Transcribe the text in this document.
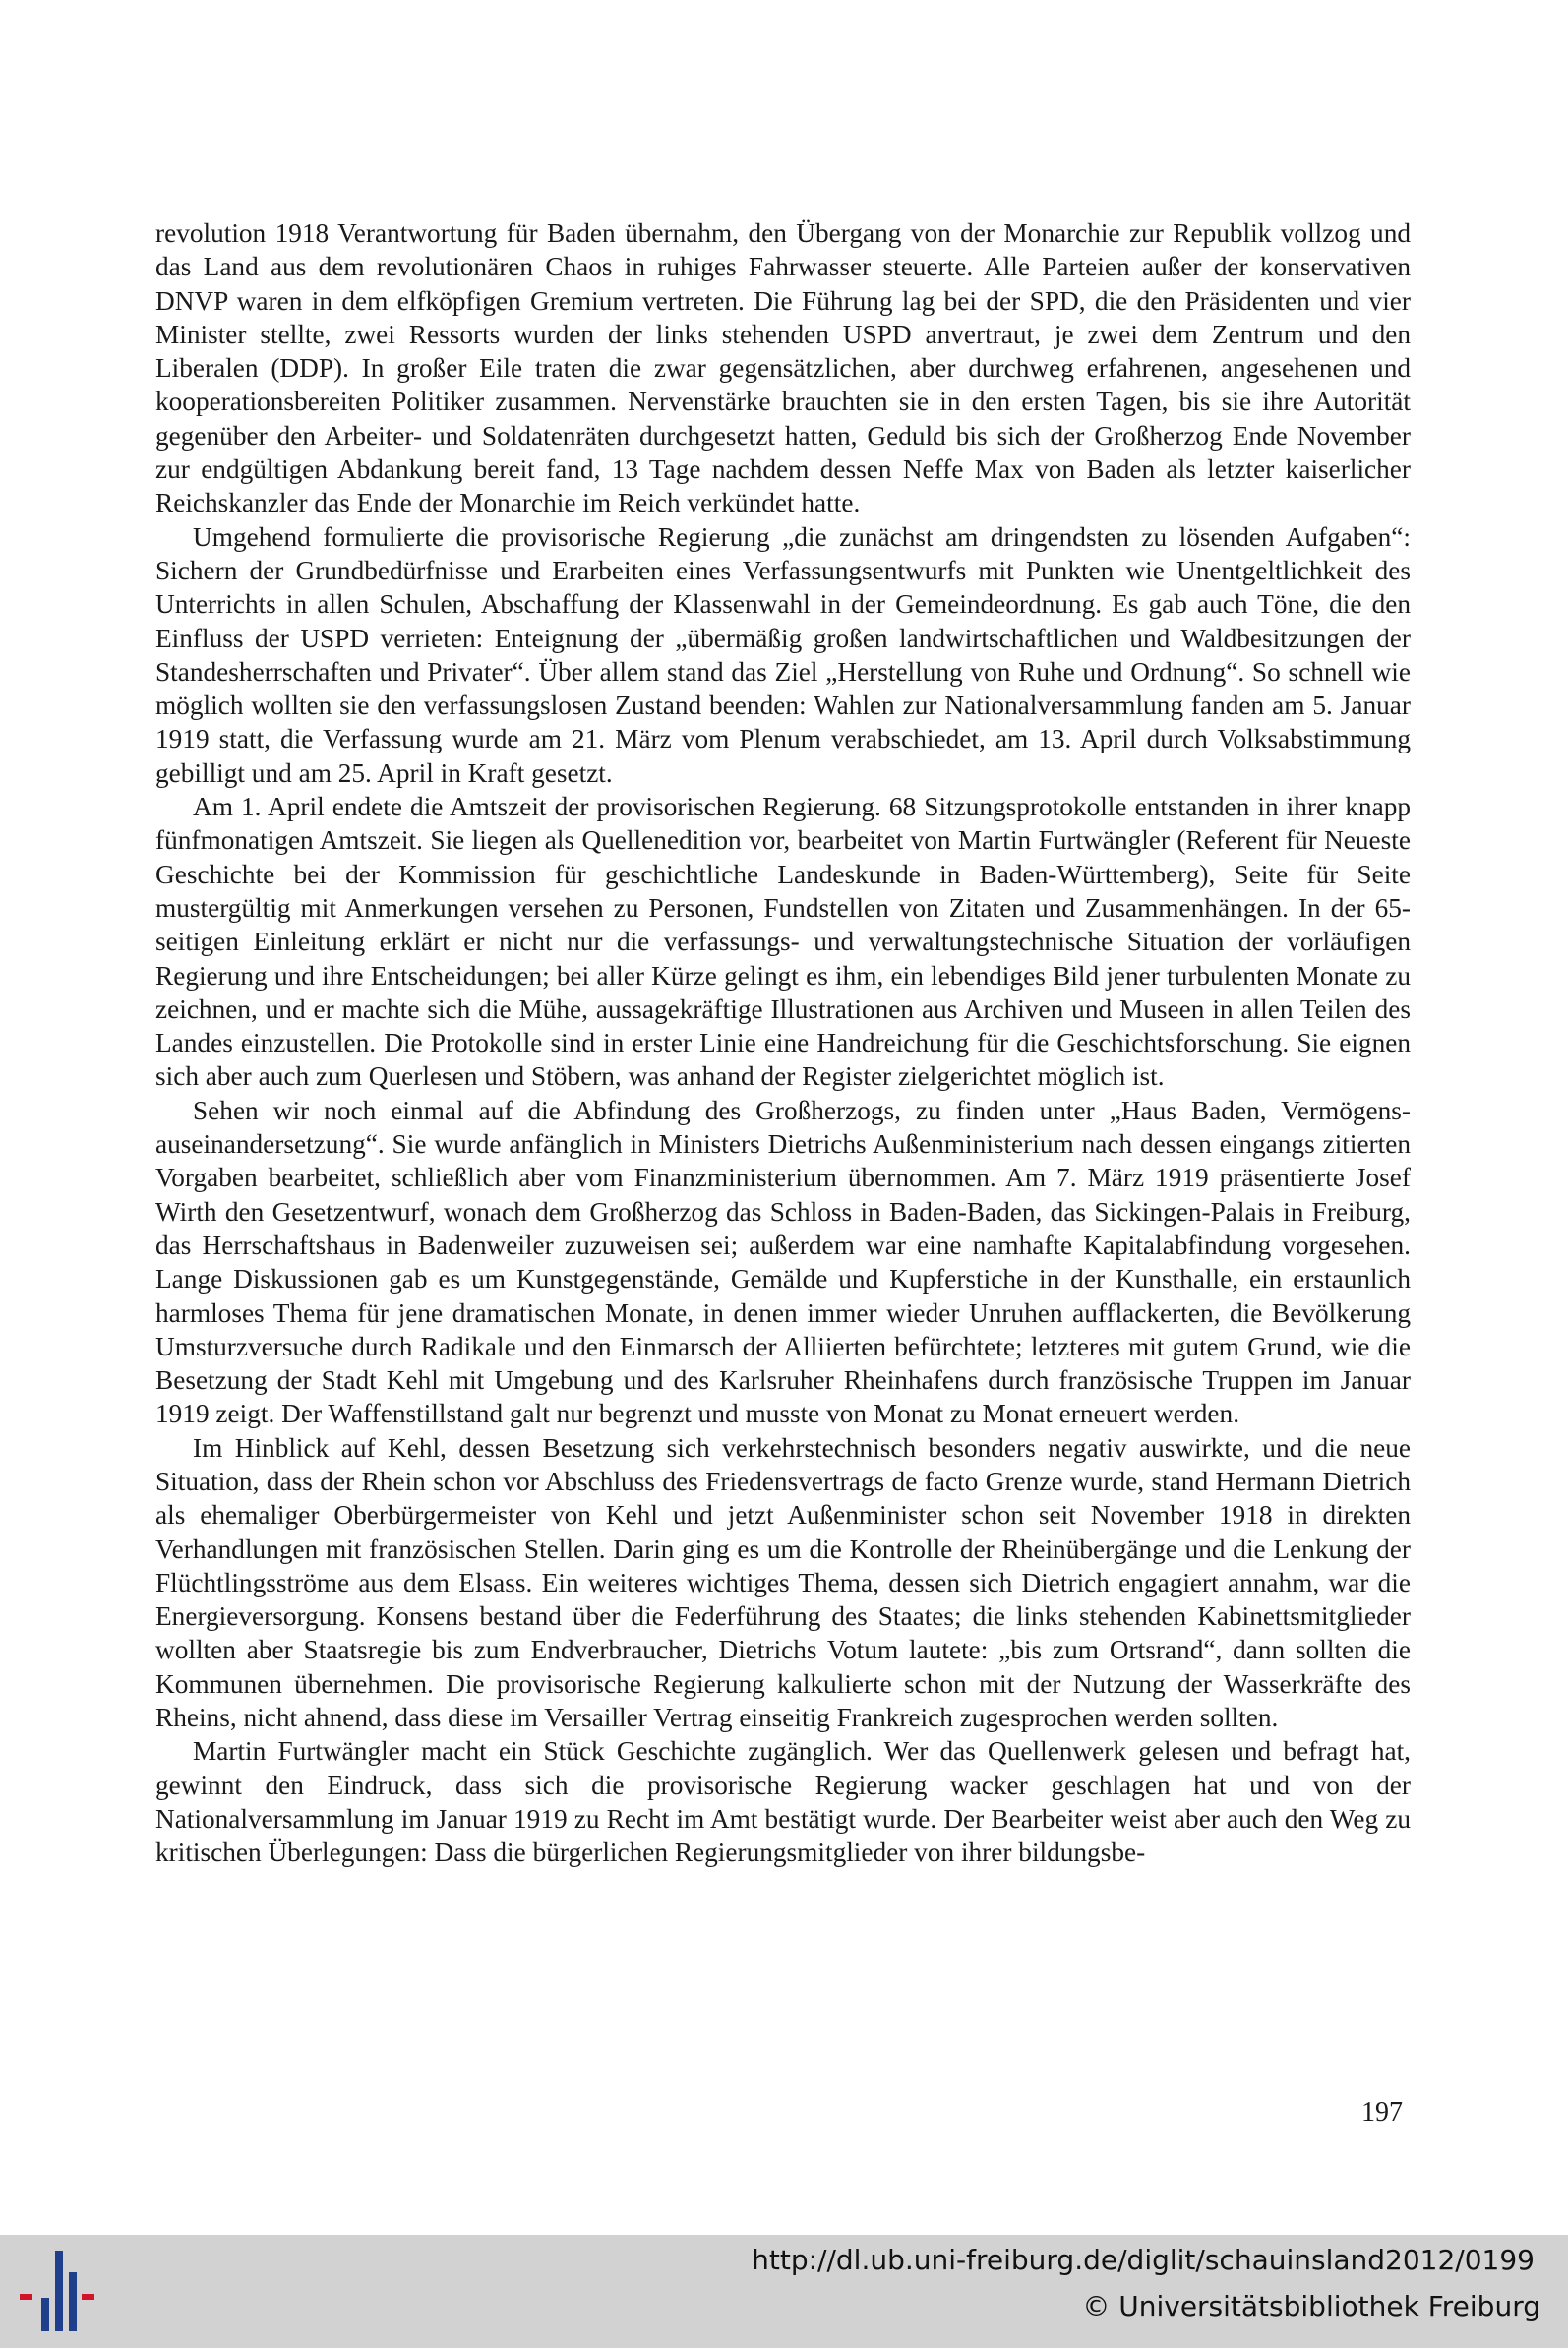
revolution 1918 Verantwortung für Baden übernahm, den Übergang von der Monarchie zur Republik vollzog und das Land aus dem revolutionären Chaos in ruhiges Fahrwasser steuerte. Alle Parteien außer der konservativen DNVP waren in dem elfköpfigen Gremium vertreten. Die Führung lag bei der SPD, die den Präsidenten und vier Minister stellte, zwei Ressorts wurden der links stehenden USPD anvertraut, je zwei dem Zentrum und den Liberalen (DDP). In großer Eile traten die zwar gegensätzlichen, aber durchweg erfahrenen, angesehenen und kooperationsbereiten Politiker zusammen. Nervenstärke brauchten sie in den ersten Tagen, bis sie ihre Autorität gegenüber den Arbeiter- und Soldatenräten durchgesetzt hatten, Geduld bis sich der Großherzog Ende November zur endgültigen Abdankung bereit fand, 13 Tage nachdem dessen Neffe Max von Baden als letzter kaiserlicher Reichskanzler das Ende der Monarchie im Reich verkündet hatte.

Umgehend formulierte die provisorische Regierung „die zunächst am dringendsten zu lösenden Aufgaben“: Sichern der Grundbedürfnisse und Erarbeiten eines Verfassungsentwurfs mit Punkten wie Unentgeltlichkeit des Unterrichts in allen Schulen, Abschaffung der Klassenwahl in der Gemeindeordnung. Es gab auch Töne, die den Einfluss der USPD verrieten: Enteignung der „übermäßig großen landwirtschaftlichen und Waldbesitzungen der Standesherrschaften und Privater“. Über allem stand das Ziel „Herstellung von Ruhe und Ordnung“. So schnell wie möglich wollten sie den verfassungslosen Zustand beenden: Wahlen zur Nationalversammlung fanden am 5. Januar 1919 statt, die Verfassung wurde am 21. März vom Plenum verabschiedet, am 13. April durch Volksabstimmung gebilligt und am 25. April in Kraft gesetzt.

Am 1. April endete die Amtszeit der provisorischen Regierung. 68 Sitzungsprotokolle entstanden in ihrer knapp fünfmonatigen Amtszeit. Sie liegen als Quellenedition vor, bearbeitet von Martin Furtwängler (Referent für Neueste Geschichte bei der Kommission für geschichtliche Landeskunde in Baden-Württemberg), Seite für Seite mustergültig mit Anmerkungen versehen zu Personen, Fundstellen von Zitaten und Zusammenhängen. In der 65-seitigen Einleitung erklärt er nicht nur die verfassungs- und verwaltungstechnische Situation der vorläufigen Regierung und ihre Entscheidungen; bei aller Kürze gelingt es ihm, ein lebendiges Bild jener turbulenten Monate zu zeichnen, und er machte sich die Mühe, aussagekräftige Illustrationen aus Archiven und Museen in allen Teilen des Landes einzustellen. Die Protokolle sind in erster Linie eine Handreichung für die Geschichtsforschung. Sie eignen sich aber auch zum Querlesen und Stöbern, was anhand der Register zielgerichtet möglich ist.

Sehen wir noch einmal auf die Abfindung des Großherzogs, zu finden unter „Haus Baden, Vermögensauseinandersetzung“. Sie wurde anfänglich in Ministers Dietrichs Außenministerium nach dessen eingangs zitierten Vorgaben bearbeitet, schließlich aber vom Finanzministerium übernommen. Am 7. März 1919 präsentierte Josef Wirth den Gesetzentwurf, wonach dem Großherzog das Schloss in Baden-Baden, das Sickingen-Palais in Freiburg, das Herrschaftshaus in Badenweiler zuzuweisen sei; außerdem war eine namhafte Kapitalabfindung vorgesehen. Lange Diskussionen gab es um Kunstgegenstände, Gemälde und Kupferstiche in der Kunsthalle, ein erstaunlich harmloses Thema für jene dramatischen Monate, in denen immer wieder Unruhen aufflackerten, die Bevölkerung Umsturzversuche durch Radikale und den Einmarsch der Alliierten befürchtete; letzteres mit gutem Grund, wie die Besetzung der Stadt Kehl mit Umgebung und des Karlsruher Rheinhafens durch französische Truppen im Januar 1919 zeigt. Der Waffenstillstand galt nur begrenzt und musste von Monat zu Monat erneuert werden.

Im Hinblick auf Kehl, dessen Besetzung sich verkehrstechnisch besonders negativ auswirkte, und die neue Situation, dass der Rhein schon vor Abschluss des Friedensvertrags de facto Grenze wurde, stand Hermann Dietrich als ehemaliger Oberbürgermeister von Kehl und jetzt Außenminister schon seit November 1918 in direkten Verhandlungen mit französischen Stellen. Darin ging es um die Kontrolle der Rheinübergänge und die Lenkung der Flüchtlingsströme aus dem Elsass. Ein weiteres wichtiges Thema, dessen sich Dietrich engagiert annahm, war die Energieversorgung. Konsens bestand über die Federführung des Staates; die links stehenden Kabinettsmitglieder wollten aber Staatsregie bis zum Endverbraucher, Dietrichs Votum lautete: „bis zum Ortsrand“, dann sollten die Kommunen übernehmen. Die provisorische Regierung kalkulierte schon mit der Nutzung der Wasserkräfte des Rheins, nicht ahnend, dass diese im Versailler Vertrag einseitig Frankreich zugesprochen werden sollten.

Martin Furtwängler macht ein Stück Geschichte zugänglich. Wer das Quellenwerk gelesen und befragt hat, gewinnt den Eindruck, dass sich die provisorische Regierung wacker geschlagen hat und von der Nationalversammlung im Januar 1919 zu Recht im Amt bestätigt wurde. Der Bearbeiter weist aber auch den Weg zu kritischen Überlegungen: Dass die bürgerlichen Regierungsmitglieder von ihrer bildungsbe-

197
http://dl.ub.uni-freiburg.de/diglit/schauinsland2012/0199
© Universitätsbibliothek Freiburg
